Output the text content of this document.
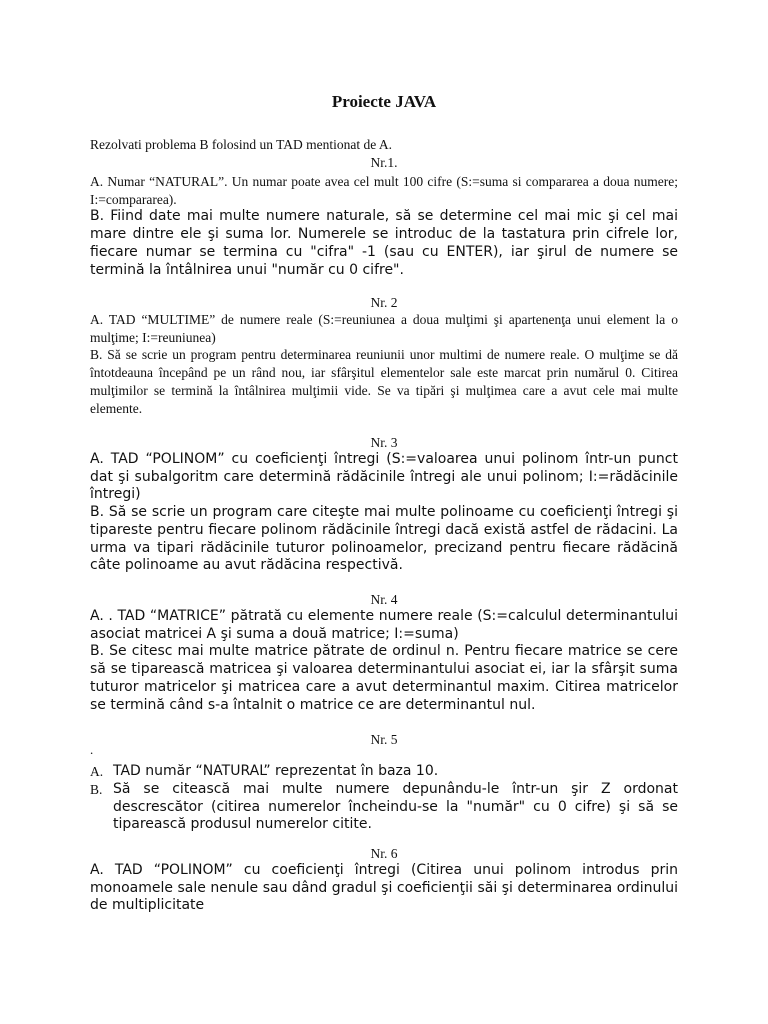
Proiecte JAVA
Rezolvati problema B folosind un TAD mentionat de A.
Nr.1.

A. Numar “NATURAL”. Un numar poate avea cel mult 100 cifre (S:=suma si compararea a doua numere; I:=compararea).

B. Fiind date mai multe numere naturale, să se determine cel mai mic şi cel mai mare dintre ele şi suma lor. Numerele se introduc de la tastatura prin cifrele lor, fiecare numar se termina cu "cifra" -1 (sau cu ENTER), iar şirul de numere se termină la întâlnirea unui "număr cu 0 cifre".

Nr. 2

A. TAD “MULTIME” de numere reale (S:=reuniunea a doua mulţimi şi apartenenţa unui element la o mulţime; I:=reuniunea)

B. Să se scrie un program pentru determinarea reuniunii unor multimi de numere reale. O mulţime se dă întotdeauna începând pe un rând nou, iar sfârşitul elementelor sale este marcat prin numărul 0. Citirea mulţimilor se termină la întâlnirea mulţimii vide. Se va tipări şi mulţimea care a avut cele mai multe elemente.

Nr. 3

A. TAD “POLINOM” cu coeficienţi întregi (S:=valoarea unui polinom într-un punct dat şi subalgoritm care determină rădăcinile întregi ale unui polinom; I:=rădăcinile întregi)

B. Să se scrie un program care citeşte mai multe polinoame cu coeficienţi întregi şi tipareste pentru fiecare polinom rădăcinile întregi dacă există astfel de rădacini. La urma va tipari rădăcinile tuturor polinoamelor, precizand pentru fiecare rădăcină câte polinoame au avut rădăcina respectivă.

Nr. 4

A. . TAD “MATRICE” pătrată cu elemente numere reale (S:=calculul determinantului asociat matricei A şi suma a două matrice; I:=suma)

B. Se citesc mai multe matrice pătrate de ordinul n. Pentru fiecare matrice se cere să se tiparească matricea şi valoarea determinantului asociat ei, iar la sfârşit suma tuturor matricelor şi matricea care a avut determinantul maxim. Citirea matricelor se termină când s-a întalnit o matrice ce are determinantul nul.

Nr. 5
.
A. TAD număr “NATURAL” reprezentat în baza 10.
B. Să se citească mai multe numere depunându-le într-un şir Z ordonat descrescător (citirea numerelor încheindu-se la "număr" cu 0 cifre) şi să se tiparească produsul numerelor citite.
Nr. 6

A. TAD “POLINOM” cu coeficienţi întregi (Citirea unui polinom introdus prin monoamele sale nenule sau dând gradul şi coeficienţii săi şi determinarea ordinului de multiplicitate
